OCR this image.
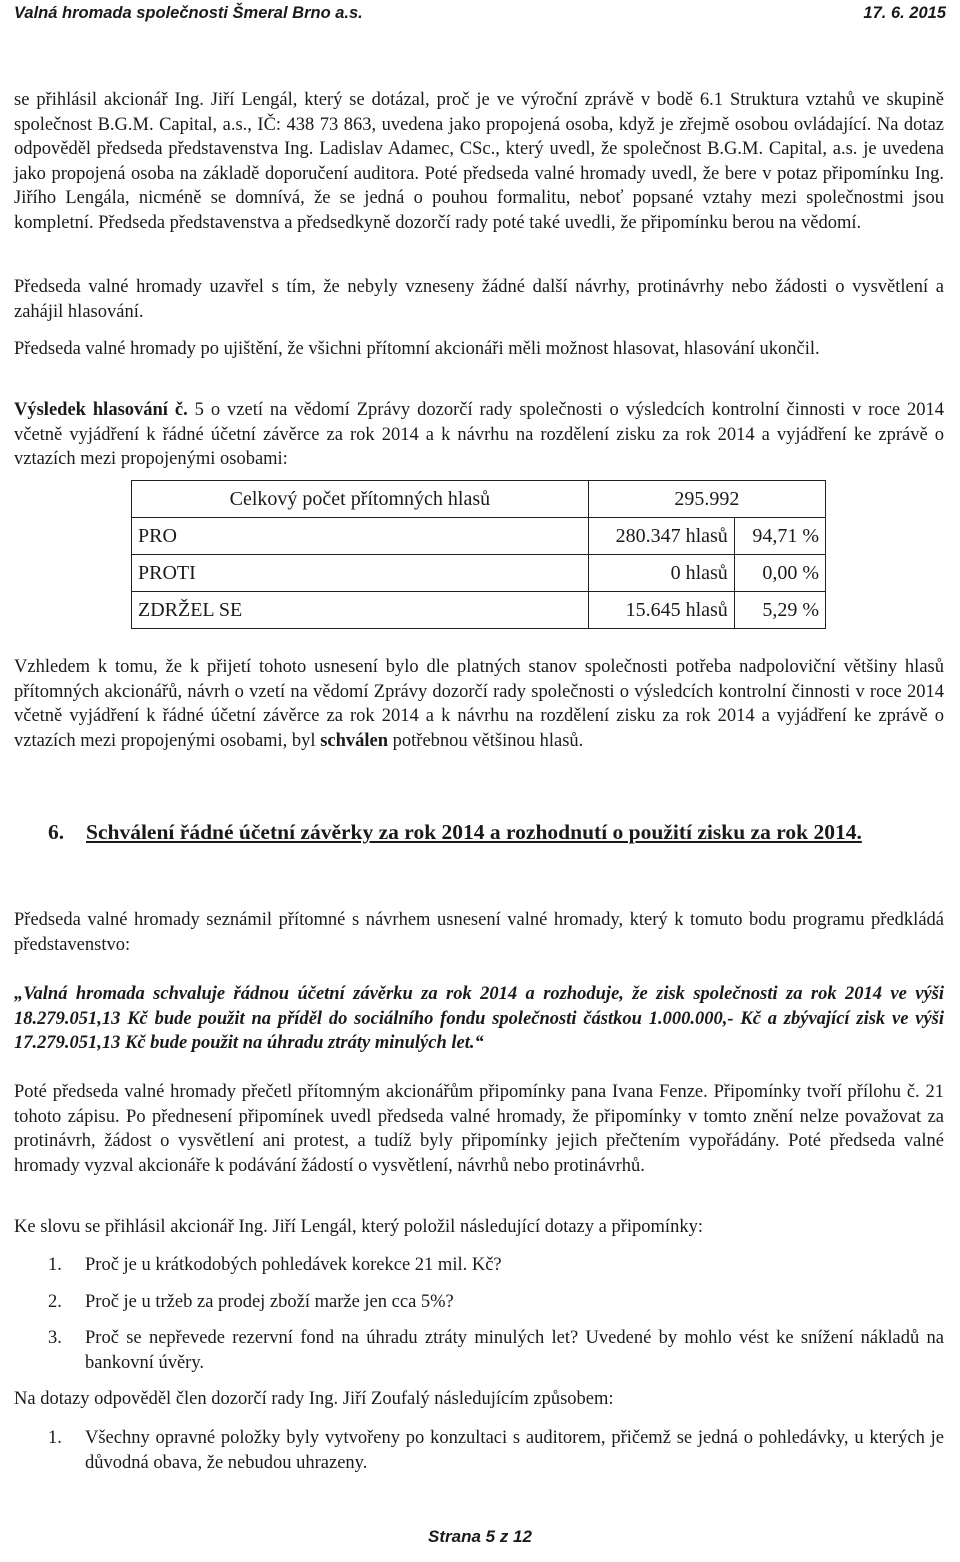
Valná hromada společnosti Šmeral Brno a.s.	17. 6. 2015

se přihlásil akcionář Ing. Jiří Lengál, který se dotázal, proč je ve výroční zprávě v bodě 6.1 Struktura vztahů ve skupině společnost B.G.M. Capital, a.s., IČ: 438 73 863, uvedena jako propojená osoba, když je zřejmě osobou ovládající. Na dotaz odpověděl předseda představenstva Ing. Ladislav Adamec, CSc., který uvedl, že společnost B.G.M. Capital, a.s. je uvedena jako propojená osoba na základě doporučení auditora. Poté předseda valné hromady uvedl, že bere v potaz připomínku Ing. Jiřího Lengála, nicméně se domnívá, že se jedná o pouhou formalitu, neboť popsané vztahy mezi společnostmi jsou kompletní. Předseda představenstva a předsedkyně dozorčí rady poté také uvedli, že připomínku berou na vědomí.

Předseda valné hromady uzavřel s tím, že nebyly vzneseny žádné další návrhy, protinávrhy nebo žádosti o vysvětlení a zahájil hlasování.

Předseda valné hromady po ujištění, že všichni přítomní akcionáři měli možnost hlasovat, hlasování ukončil.

Výsledek hlasování č. 5 o vzetí na vědomí Zprávy dozorčí rady společnosti o výsledcích kontrolní činnosti v roce 2014 včetně vyjádření k řádné účetní závěrce za rok 2014 a k návrhu na rozdělení zisku za rok 2014 a vyjádření ke zprávě o vztazích mezi propojenými osobami:

Celkový počet přítomných hlasů	295.992	
PRO	280.347 hlasů	94,71 %
PROTI	0 hlasů	0,00 %
ZDRŽEL SE	15.645 hlasů	5,29 %

Vzhledem k tomu, že k přijetí tohoto usnesení bylo dle platných stanov společnosti potřeba nadpoloviční většiny hlasů přítomných akcionářů, návrh o vzetí na vědomí Zprávy dozorčí rady společnosti o výsledcích kontrolní činnosti v roce 2014 včetně vyjádření k řádné účetní závěrce za rok 2014 a k návrhu na rozdělení zisku za rok 2014 a vyjádření ke zprávě o vztazích mezi propojenými osobami, byl schválen potřebnou většinou hlasů.

6. Schválení řádné účetní závěrky za rok 2014 a rozhodnutí o použití zisku za rok 2014.

Předseda valné hromady seznámil přítomné s návrhem usnesení valné hromady, který k tomuto bodu programu předkládá představenstvo:

„Valná hromada schvaluje řádnou účetní závěrku za rok 2014 a rozhoduje, že zisk společnosti za rok 2014 ve výši 18.279.051,13 Kč bude použit na příděl do sociálního fondu společnosti částkou 1.000.000,- Kč a zbývající zisk ve výši 17.279.051,13 Kč bude použit na úhradu ztráty minulých let.“

Poté předseda valné hromady přečetl přítomným akcionářům připomínky pana Ivana Fenze. Připomínky tvoří přílohu č. 21 tohoto zápisu. Po přednesení připomínek uvedl předseda valné hromady, že připomínky v tomto znění nelze považovat za protinávrh, žádost o vysvětlení ani protest, a tudíž byly připomínky jejich přečtením vypořádány. Poté předseda valné hromady vyzval akcionáře k podávání žádostí o vysvětlení, návrhů nebo protinávrhů.

Ke slovu se přihlásil akcionář Ing. Jiří Lengál, který položil následující dotazy a připomínky:

1. Proč je u krátkodobých pohledávek korekce 21 mil. Kč?
2. Proč je u tržeb za prodej zboží marže jen cca 5%?
3. Proč se nepřevede rezervní fond na úhradu ztráty minulých let? Uvedené by mohlo vést ke snížení nákladů na bankovní úvěry.

Na dotazy odpověděl člen dozorčí rady Ing. Jiří Zoufalý následujícím způsobem:

1. Všechny opravné položky byly vytvořeny po konzultaci s auditorem, přičemž se jedná o pohledávky, u kterých je důvodná obava, že nebudou uhrazeny.
Strana 5 z 12
